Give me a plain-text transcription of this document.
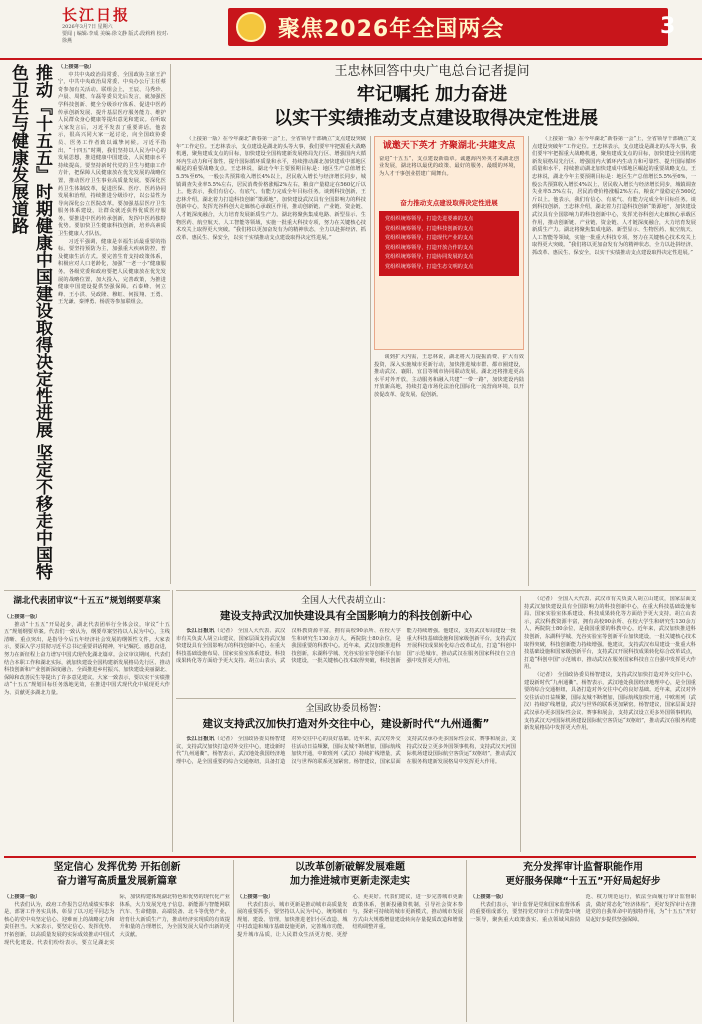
长江日报
2026年3月7日 星期六
要闻 | 编辑:李成 美编:徐文静 版式:段莉莉 校对:徐燕	聚焦2026年全国两会	3
推动『十五五』时期健康中国建设取得决定性进展 坚定不移走中国特色卫生与健康发展道路	（上接第一版）

中共中央政治局常委、全国政协主席王沪宁，中共中央政治局常委、中央办公厅主任蔡奇参加有关活动。联组会上，王辰、马秀珍、卢晨、周健、车磊等委员先后发言，就加强医学科技创新、健全分级诊疗体系、促进中医药传承创新发展、提升基层医疗服务能力、维护人民群众身心健康等提出意见和建议。在听取大家发言后，习近平发表了重要讲话。他表示，很高兴同大家一起讨论，向全国政协委员、医务工作者致以诚挚问候。习近平指出，“十四五”时期，我们坚持以人民为中心的发展思想，推进健康中国建设，人民健康水平持续提高。要坚持新时代党的卫生与健康工作方针，把保障人民健康放在优先发展的战略位置，推动医疗卫生事业高质量发展。要深化医药卫生体制改革，促进医保、医疗、医药协同发展和治理，持续推进分级诊疗，以公益性为导向深化公立医院改革。要加强基层医疗卫生服务体系建设，让群众就近获得优质医疗服务。要推进中医药传承创新，发挥中医药独特优势。要加快卫生健康科技创新，培养高素质卫生健康人才队伍。

习近平强调，健康是幸福生活最重要的指标。要坚持预防为主，加强重大疾病防控，普及健康生活方式。要完善生育支持政策体系，积极应对人口老龄化，加强“一老一小”健康服务。各级党委和政府要把人民健康放在优先发展的战略位置，加大投入，完善政策，为推进健康中国建设提供坚强保障。石泰峰、何立峰、王小洪、吴政隆、穆虹、何报翔、王勇、王光谦、秦博勇、杨震等参加联组会。

王忠林回答中央广电总台记者提问
牢记嘱托 加力奋进
以实干实绩推动支点建设取得决定性进展

（上接第一版）在今年湖北“新春第一会”上，全省领导干部确立“支点建设突破年”工作定位。王忠林表示，支点建设是湖北的头等大事，我们要牢牢把握重大战略机遇，聚焦建成支点的目标，加快建设全国构建新发展格局先行区、增强国内大循环内生动力和可靠性、提升国际循环质量和水平，持续推动湖北加快建成中部地区崛起的重要战略支点。王忠林说，湖北今年主要预期目标是：地区生产总值增长5.5%至6%，一般公共预算收入增长4%以上，居民收入增长与经济增长同步，城镇调查失业率5.5%左右，居民消费价格涨幅2%左右，粮食产量稳定在560亿斤以上。他表示，我们有信心、有底气、有能力完成全年目标任务。谈到科技创新，王忠林介绍，湖北着力打造科技创新“策源地”，加快建设武汉具有全国影响力的科技创新中心，发挥光谷科创大走廊核心承载区作用，推动创新链、产业链、资金链、人才链深度融合，大力培育发展新质生产力。湖北将聚焦集成电路、新型显示、生物医药、航空航天、人工智能等领域，实施一批重大科技专项，努力在关键核心技术攻关上取得更大突破。“我们将以更加奋发有为的精神状态，全力以赴拼经济、抓改革、惠民生、保安全，以实干实绩推动支点建设取得决定性进展。”

诚邀天下英才 齐聚湖北·共建支点
奋进“十五五”，支点建设新篇章。诚邀海内外英才来湖北创业发展，湖北将以最优的政策、最好的服务、最暖的环境，为人才干事创业搭建广阔舞台。
奋力推动支点建设取得决定性进展
党组织统筹领导，打造先进要素的支点
党组织统筹领导，打造科技创新的支点
党组织统筹领导，打造现代产业的支点
党组织统筹领导，打造开放合作的支点
党组织统筹领导，打造协同发展的支点
党组织统筹领导，打造生态文明的支点

谈到扩大内需，王忠林说，湖北将大力提振消费、扩大有效投资，深入实施城市更新行动，加快推进城市群、都市圈建设，推动武汉、襄阳、宜昌等城市协同联动发展。湖北还将推进更高水平对外开放，主动服务和融入共建“一带一路”，加快建设内陆开放新高地，持续打造市场化法治化国际化一流营商环境，以开放促改革、促发展、促创新。

（上接第一版）在今年湖北“新春第一会”上，全省领导干部确立“支点建设突破年”工作定位。王忠林表示，支点建设是湖北的头等大事，我们要牢牢把握重大战略机遇，聚焦建成支点的目标，加快建设全国构建新发展格局先行区、增强国内大循环内生动力和可靠性、提升国际循环质量和水平，持续推动湖北加快建成中部地区崛起的重要战略支点。王忠林说，湖北今年主要预期目标是：地区生产总值增长5.5%至6%，一般公共预算收入增长4%以上，居民收入增长与经济增长同步，城镇调查失业率5.5%左右，居民消费价格涨幅2%左右，粮食产量稳定在560亿斤以上。他表示，我们有信心、有底气、有能力完成全年目标任务。谈到科技创新，王忠林介绍，湖北着力打造科技创新“策源地”，加快建设武汉具有全国影响力的科技创新中心，发挥光谷科创大走廊核心承载区作用，推动创新链、产业链、资金链、人才链深度融合，大力培育发展新质生产力。湖北将聚焦集成电路、新型显示、生物医药、航空航天、人工智能等领域，实施一批重大科技专项，努力在关键核心技术攻关上取得更大突破。“我们将以更加奋发有为的精神状态，全力以赴拼经济、抓改革、惠民生、保安全，以实干实绩推动支点建设取得决定性进展。”

湖北代表团审议“十五五”规划纲要草案

（上接第一版）

推动“十五五”开局起步，湖北代表团举行全体会议，审议“十五五”规划纲要草案。代表们一致认为，纲要草案坚持以人民为中心，主线清晰、重点突出，是指导今后五年经济社会发展的纲领性文件。大家表示，要深入学习贯彻习近平总书记重要讲话精神，牢记嘱托、感恩奋进，努力在新征程上奋力谱写中国式现代化湖北篇章。会议审议期间，代表们结合本职工作和湖北实际，就加快建设全国构建新发展格局先行区、推动科技创新和产业创新深度融合、全面推进乡村振兴、加快建设美丽湖北、保障和改善民生等提出了许多意见建议。大家一致表示，要以实干实绩推动“十五五”规划目标任务落地见效，在推进中国式现代化中展现更大作为、贡献更多湖北力量。

全国人大代表胡立山：
建设支持武汉加快建设具有全国影响力的科技创新中心

长江日报讯（记者） 全国人大代表、武汉市有关负责人胡立山建议，国家层面支持武汉加快建设具有全国影响力的科技创新中心，在重大科技基础设施布局、国家实验室体系建设、科技成果转化等方面给予更大支持。胡立山表示，武汉科教资源丰富，拥有高校90余所、在校大学生和研究生130余万人，两院院士80余位，是我国重要的科教中心。近年来，武汉加快推进科技创新，东湖科学城、光谷实验室等创新平台加快建设，一批关键核心技术取得突破，科技创新能力持续增强。他建议，支持武汉布局建设一批重大科技基础设施和国家级创新平台，支持武汉开展科技成果转化综合改革试点，打造“科创中国”示范城市，推动武汉在服务国家科技自立自强中发挥更大作用。

全国政协委员杨智：
建议支持武汉加快打造对外交往中心，建设新时代“九州通衢”

长江日报讯（记者） 全国政协委员杨智建议，支持武汉加快打造对外交往中心，建设新时代“九州通衢”。杨智表示，武汉地处我国经济地理中心，是全国重要的综合交通枢纽，具备打造对外交往中心的良好基础。近年来，武汉对外交往活动日益频繁，国际友城不断增加，国际航线加快开通，中欧班列（武汉）持续扩线增量，武汉与世界的联系更加紧密。杨智建议，国家层面支持武汉承办更多国际性会议、赛事和展会，支持武汉设立更多外国领事机构，支持武汉天河国际机场建设国际航空客货运“双枢纽”，推动武汉在服务构建新发展格局中发挥更大作用。

（记者） 全国人大代表、武汉市有关负责人胡立山建议，国家层面支持武汉加快建设具有全国影响力的科技创新中心，在重大科技基础设施布局、国家实验室体系建设、科技成果转化等方面给予更大支持。胡立山表示，武汉科教资源丰富，拥有高校90余所、在校大学生和研究生130余万人，两院院士80余位，是我国重要的科教中心。近年来，武汉加快推进科技创新，东湖科学城、光谷实验室等创新平台加快建设，一批关键核心技术取得突破，科技创新能力持续增强。他建议，支持武汉布局建设一批重大科技基础设施和国家级创新平台，支持武汉开展科技成果转化综合改革试点，打造“科创中国”示范城市，推动武汉在服务国家科技自立自强中发挥更大作用。

（记者） 全国政协委员杨智建议，支持武汉加快打造对外交往中心，建设新时代“九州通衢”。杨智表示，武汉地处我国经济地理中心，是全国重要的综合交通枢纽，具备打造对外交往中心的良好基础。近年来，武汉对外交往活动日益频繁，国际友城不断增加，国际航线加快开通，中欧班列（武汉）持续扩线增量，武汉与世界的联系更加紧密。杨智建议，国家层面支持武汉承办更多国际性会议、赛事和展会，支持武汉设立更多外国领事机构，支持武汉天河国际机场建设国际航空客货运“双枢纽”，推动武汉在服务构建新发展格局中发挥更大作用。

坚定信心 发挥优势 开拓创新
奋力谱写高质量发展新篇章

（上接第一版）

代表们认为，政府工作报告总结成绩实事求是，部署工作务实具体，彰显了以习近平同志为核心的党中央坚定信心、迎难而上的战略定力和责任担当。大家表示，要坚定信心、发挥优势、开拓创新，以高质量发展的实际成效推动中国式现代化建设。代表们纷纷表示，要立足湖北实际，加快构建体现湖北特色和优势的现代化产业体系，大力发展光电子信息、新能源与智能网联汽车、生命健康、高端装备、北斗等优势产业，培育壮大新质生产力，推动经济实现质的有效提升和量的合理增长，为全国发展大局作出新的更大贡献。

以改革创新破解发展难题
加力推进城市更新走深走实

（上接第一版）

代表们表示，城市更新是推动城市高质量发展的重要抓手，要坚持以人民为中心，统筹城市规划、建设、管理，加快推进老旧小区改造、城中村改造和城市基础设施更新，完善城市功能，提升城市品质，让人民群众生活更方便、更舒心、更美好。代表们建议，进一步完善城市更新政策体系，创新投融资机制，引导社会资本参与，探索可持续的城市更新模式，推动城市发展方式由大规模增量建设转向存量提质改造和增量结构调整并重。

充分发挥审计监督职能作用
更好服务保障“十五五”开好局起好步

（上接第一版）

代表们表示，审计监督是党和国家监督体系的重要组成部分，要坚持党对审计工作的集中统一领导，聚焦重大政策落实、重点领域风险防范、权力规范运行，依法全面履行审计监督职责，做好常态化“经济体检”，更好发挥审计在推进党的自我革命中的独特作用，为“十五五”开好局起好步提供坚强保障。
